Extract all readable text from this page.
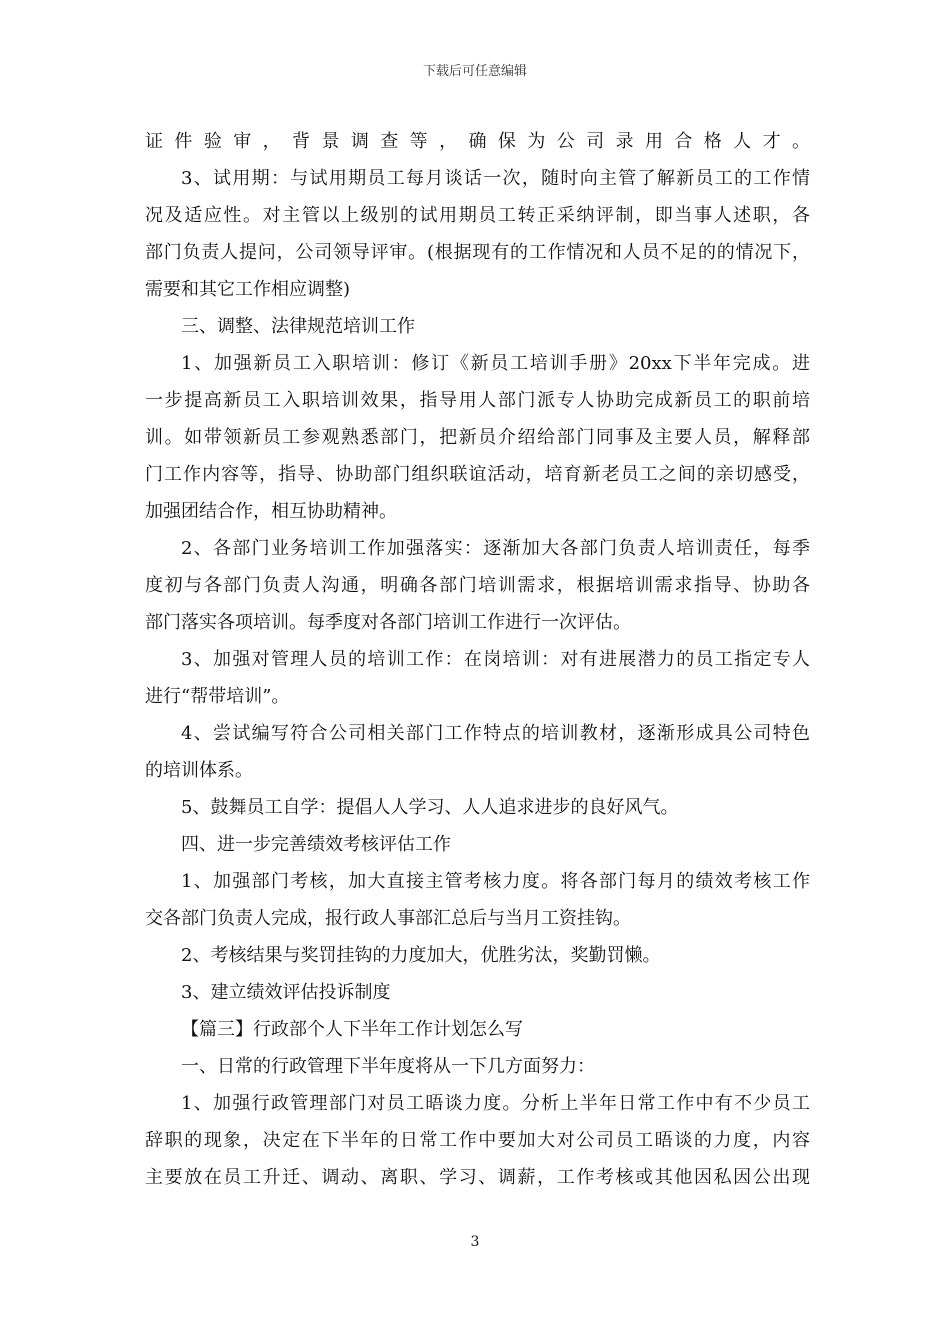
下载后可任意编辑
证件验审，背景调查等，确保为公司录用合格人才。
3、试用期：与试用期员工每月谈话一次，随时向主管了解新员工的工作情
况及适应性。对主管以上级别的试用期员工转正采纳评制，即当事人述职，各
部门负责人提问，公司领导评审。(根据现有的工作情况和人员不足的的情况下，
需要和其它工作相应调整)
三、调整、法律规范培训工作
1、加强新员工入职培训：修订《新员工培训手册》20xx下半年完成。进
一步提高新员工入职培训效果，指导用人部门派专人协助完成新员工的职前培
训。如带领新员工参观熟悉部门，把新员介绍给部门同事及主要人员，解释部
门工作内容等，指导、协助部门组织联谊活动，培育新老员工之间的亲切感受，
加强团结合作，相互协助精神。
2、各部门业务培训工作加强落实：逐渐加大各部门负责人培训责任，每季
度初与各部门负责人沟通，明确各部门培训需求，根据培训需求指导、协助各
部门落实各项培训。每季度对各部门培训工作进行一次评估。
3、加强对管理人员的培训工作：在岗培训：对有进展潜力的员工指定专人
进行“帮带培训”。
4、尝试编写符合公司相关部门工作特点的培训教材，逐渐形成具公司特色
的培训体系。
5、鼓舞员工自学：提倡人人学习、人人追求进步的良好风气。
四、进一步完善绩效考核评估工作
1、加强部门考核，加大直接主管考核力度。将各部门每月的绩效考核工作
交各部门负责人完成，报行政人事部汇总后与当月工资挂钩。
2、考核结果与奖罚挂钩的力度加大，优胜劣汰，奖勤罚懒。
3、建立绩效评估投诉制度
【篇三】行政部个人下半年工作计划怎么写
一、日常的行政管理下半年度将从一下几方面努力：
1、加强行政管理部门对员工晤谈力度。分析上半年日常工作中有不少员工
辞职的现象，决定在下半年的日常工作中要加大对公司员工晤谈的力度，内容
主要放在员工升迁、调动、离职、学习、调薪，工作考核或其他因私因公出现
3
